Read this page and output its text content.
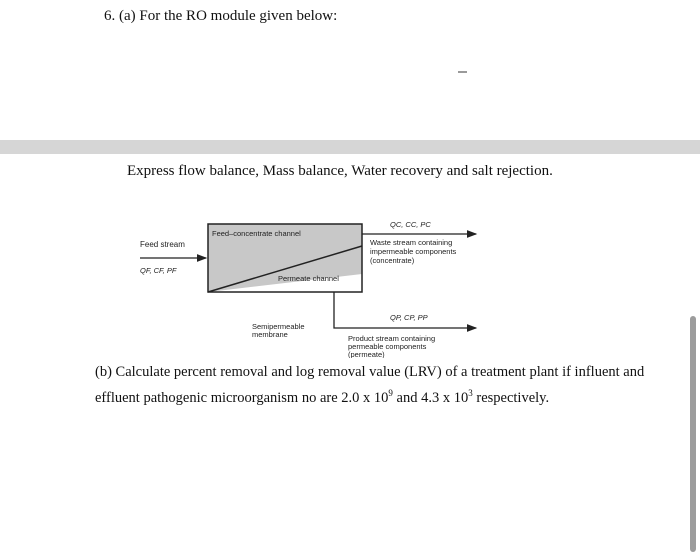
6. (a) For the RO module given below:
Express flow balance, Mass balance, Water recovery and salt rejection.
Feed stream
QF, CF, PF
Feed–concentrate channel
Permeate channel
QC, CC, PC
Waste stream containing
impermeable components
(concentrate)
QP, CP, PP
Product stream containing
permeable components
(permeate)
Semipermeable
membrane
(b) Calculate percent removal and log removal value (LRV) of a treatment plant if influent and
effluent pathogenic microorganism no are 2.0 x $10^9$ and 4.3 x $10^3$ respectively.
